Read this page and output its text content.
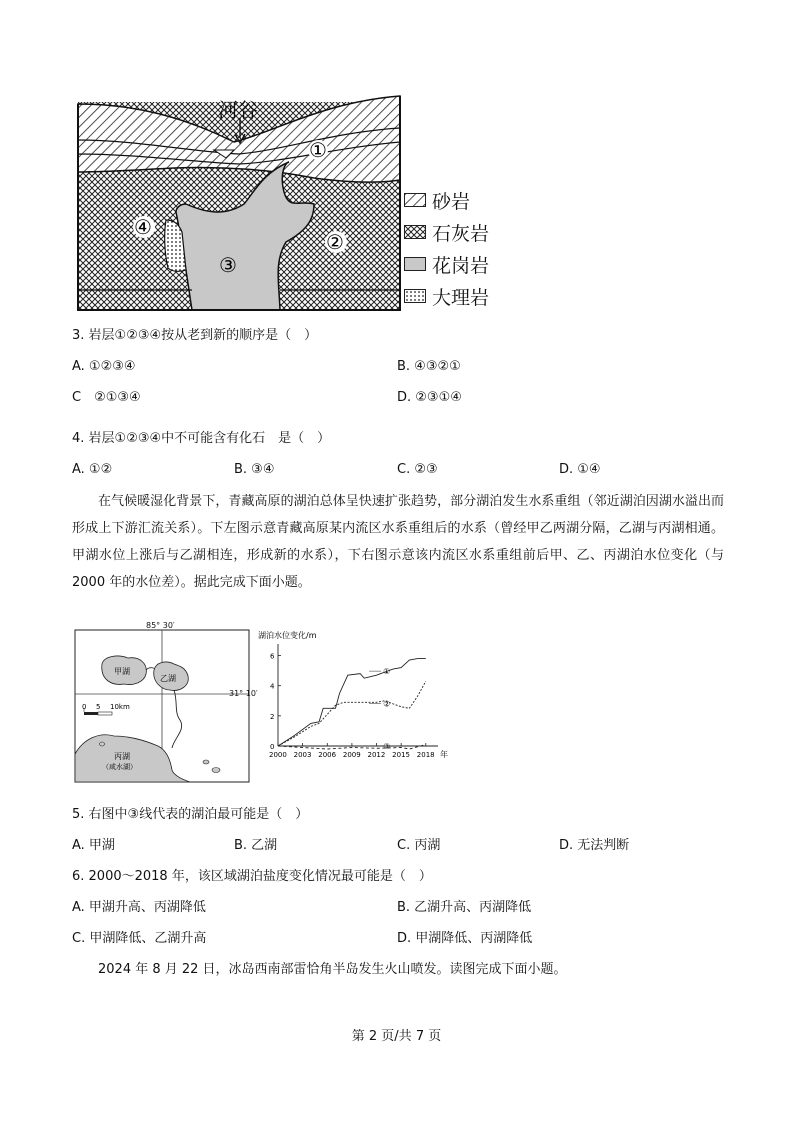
①
②
③
④
河谷
砂岩
石灰岩
花岗岩
大理岩
3. 岩层①②③④按从老到新的顺序是（　）
A. ①②③④	B. ④③②①
C　②①③④	D. ②③①④
4. 岩层①②③④中不可能含有化石　是（　）
A. ①②	B. ③④	C. ②③	D. ①④
在气候暖湿化背景下，青藏高原的湖泊总体呈快速扩张趋势，部分湖泊发生水系重组（邻近湖泊因湖水溢出而形成上下游汇流关系）。下左图示意青藏高原某内流区水系重组后的水系（曾经甲乙两湖分隔，乙湖与丙湖相通。甲湖水位上涨后与乙湖相连，形成新的水系），下右图示意该内流区水系重组前后甲、乙、丙湖泊水位变化（与 2000 年的水位差）。据此完成下面小题。
0 5 10km
甲湖
乙湖
丙湖
（咸水湖）
85° 30′
31° 10′
湖泊水位变化/m
0
2
4
6
2000 2003 2006 2009 2012 2015 2018 年
①
②
③
5. 右图中③线代表的湖泊最可能是（　）
A. 甲湖	B. 乙湖	C. 丙湖	D. 无法判断
6. 2000～2018 年，该区域湖泊盐度变化情况最可能是（　）
A. 甲湖升高、丙湖降低	B. 乙湖升高、丙湖降低
C. 甲湖降低、乙湖升高	D. 甲湖降低、丙湖降低
2024 年 8 月 22 日，冰岛西南部雷恰角半岛发生火山喷发。读图完成下面小题。
第 2 页/共 7 页
